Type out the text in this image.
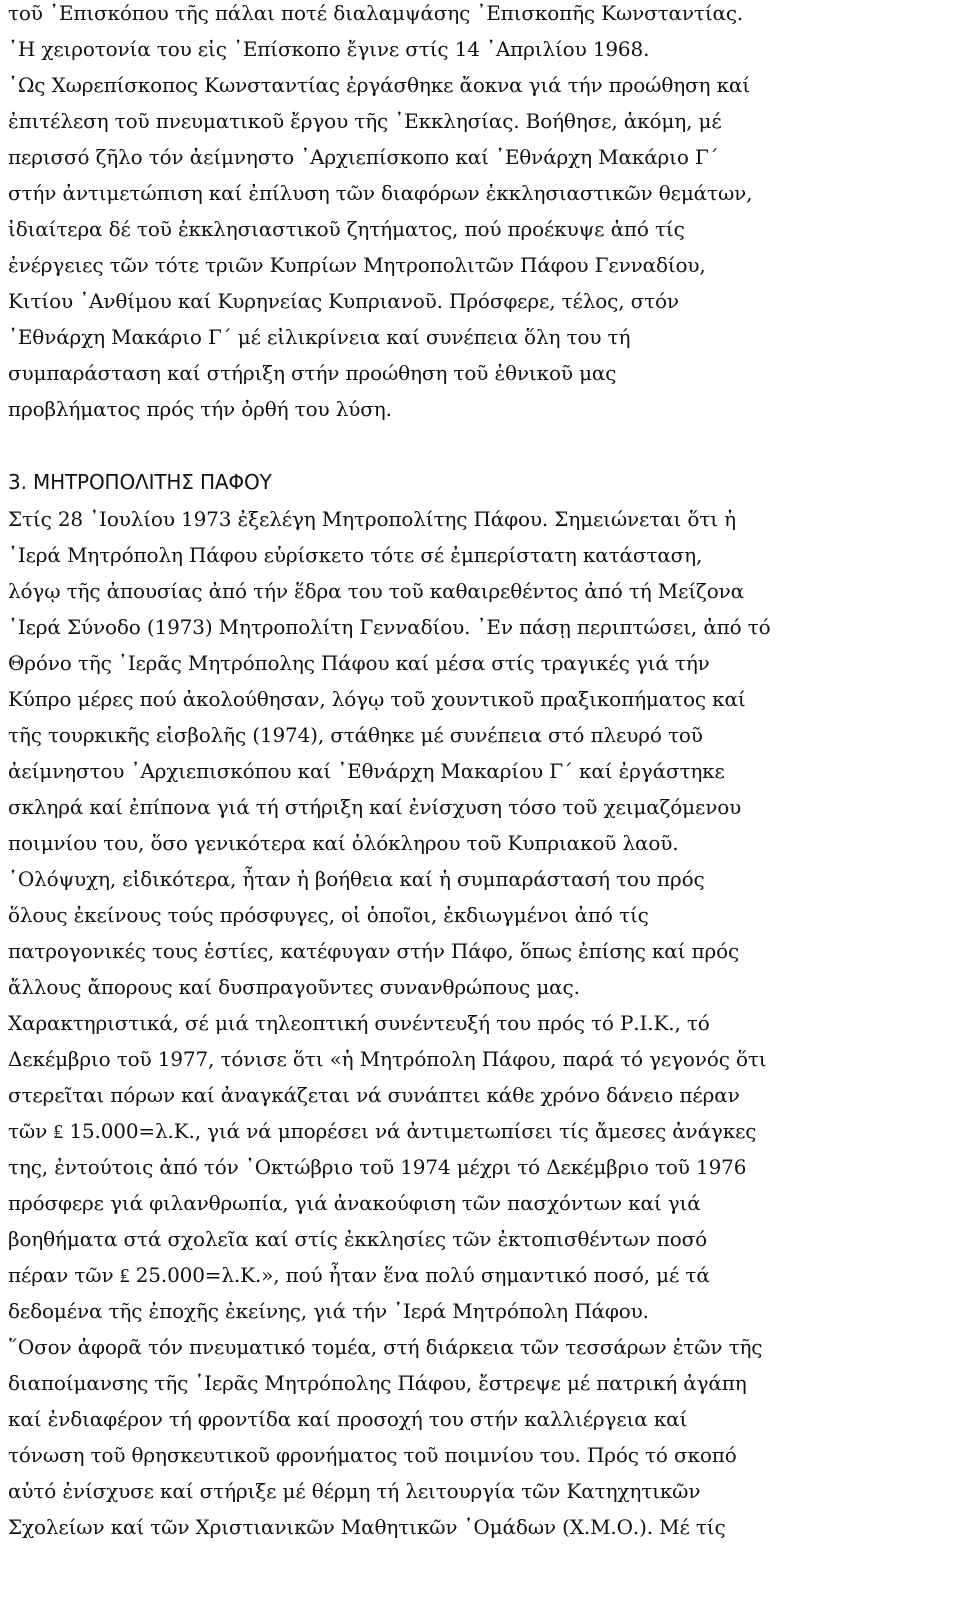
τοῦ ᾿Επισκόπου τῆς πάλαι ποτέ διαλαμψάσης ᾿Επισκοπῆς Κωνσταντίας.
῾Η χειροτονία του εἰς ᾿Επίσκοπο ἔγινε στίς 14 ᾿Απριλίου 1968.
῾Ως Χωρεπίσκοπος Κωνσταντίας ἐργάσθηκε ἄοκνα γιά τήν προώθηση καί
ἐπιτέλεση τοῦ πνευματικοῦ ἔργου τῆς ᾿Εκκλησίας. Βοήθησε, ἀκόμη, μέ
περισσό ζῆλο τόν ἀείμνηστο ᾿Αρχιεπίσκοπο καί ᾿Εθνάρχη Μακάριο Γ΄
στήν ἀντιμετώπιση καί ἐπίλυση τῶν διαφόρων ἐκκλησιαστικῶν θεμάτων,
ἰδιαίτερα δέ τοῦ ἐκκλησιαστικοῦ ζητήματος, πού προέκυψε ἀπό τίς
ἐνέργειες τῶν τότε τριῶν Κυπρίων Μητροπολιτῶν Πάφου Γενναδίου,
Κιτίου ᾿Ανθίμου καί Κυρηνείας Κυπριανοῦ. Πρόσφερε, τέλος, στόν
᾿Εθνάρχη Μακάριο Γ΄ μέ εἰλικρίνεια καί συνέπεια ὅλη του τή
συμπαράσταση καί στήριξη στήν προώθηση τοῦ ἐθνικοῦ μας
προβλήματος πρός τήν ὀρθή του λύση.
3. ΜΗΤΡΟΠΟΛΙΤΗΣ ΠΑΦΟΥ
Στίς 28 ᾿Ιουλίου 1973 ἐξελέγη Μητροπολίτης Πάφου. Σημειώνεται ὅτι ἡ
῾Ιερά Μητρόπολη Πάφου εὑρίσκετο τότε σέ ἐμπερίστατη κατάσταση,
λόγῳ τῆς ἀπουσίας ἀπό τήν ἕδρα του τοῦ καθαιρεθέντος ἀπό τή Μείζονα
῾Ιερά Σύνοδο (1973) Μητροπολίτη Γενναδίου. ᾿Εν πάσῃ περιπτώσει, ἀπό τό
Θρόνο τῆς ῾Ιερᾶς Μητρόπολης Πάφου καί μέσα στίς τραγικές γιά τήν
Κύπρο μέρες πού ἀκολούθησαν, λόγῳ τοῦ χουντικοῦ πραξικοπήματος καί
τῆς τουρκικῆς εἰσβολῆς (1974), στάθηκε μέ συνέπεια στό πλευρό τοῦ
ἀείμνηστου ᾿Αρχιεπισκόπου καί ᾿Εθνάρχη Μακαρίου Γ΄ καί ἐργάστηκε
σκληρά καί ἐπίπονα γιά τή στήριξη καί ἐνίσχυση τόσο τοῦ χειμαζόμενου
ποιμνίου του, ὅσο γενικότερα καί ὁλόκληρου τοῦ Κυπριακοῦ λαοῦ.
῾Ολόψυχη, εἰδικότερα, ἦταν ἡ βοήθεια καί ἡ συμπαράστασή του πρός
ὅλους ἐκείνους τούς πρόσφυγες, οἱ ὁποῖοι, ἐκδιωγμένοι ἀπό τίς
πατρογονικές τους ἑστίες, κατέφυγαν στήν Πάφο, ὅπως ἐπίσης καί πρός
ἄλλους ἄπορους καί δυσπραγοῦντες συνανθρώπους μας.
Χαρακτηριστικά, σέ μιά τηλεοπτική συνέντευξή του πρός τό Ρ.Ι.Κ., τό
Δεκέμβριο τοῦ 1977, τόνισε ὅτι «ἡ Μητρόπολη Πάφου, παρά τό γεγονός ὅτι
στερεῖται πόρων καί ἀναγκάζεται νά συνάπτει κάθε χρόνο δάνειο πέραν
τῶν ₤ 15.000=λ.Κ., γιά νά μπορέσει νά ἀντιμετωπίσει τίς ἄμεσες ἀνάγκες
της, ἐντούτοις ἀπό τόν ᾿Οκτώβριο τοῦ 1974 μέχρι τό Δεκέμβριο τοῦ 1976
πρόσφερε γιά φιλανθρωπία, γιά ἀνακούφιση τῶν πασχόντων καί γιά
βοηθήματα στά σχολεῖα καί στίς ἐκκλησίες τῶν ἐκτοπισθέντων ποσό
πέραν τῶν ₤ 25.000=λ.Κ.», πού ἦταν ἕνα πολύ σημαντικό ποσό, μέ τά
δεδομένα τῆς ἐποχῆς ἐκείνης, γιά τήν ῾Ιερά Μητρόπολη Πάφου.
῞Οσον ἀφορᾶ τόν πνευματικό τομέα, στή διάρκεια τῶν τεσσάρων ἐτῶν τῆς
διαποίμανσης τῆς ῾Ιερᾶς Μητρόπολης Πάφου, ἔστρεψε μέ πατρική ἀγάπη
καί ἐνδιαφέρον τή φροντίδα καί προσοχή του στήν καλλιέργεια καί
τόνωση τοῦ θρησκευτικοῦ φρονήματος τοῦ ποιμνίου του. Πρός τό σκοπό
αὐτό ἐνίσχυσε καί στήριξε μέ θέρμη τή λειτουργία τῶν Κατηχητικῶν
Σχολείων καί τῶν Χριστιανικῶν Μαθητικῶν ῾Ομάδων (Χ.Μ.Ο.). Μέ τίς
